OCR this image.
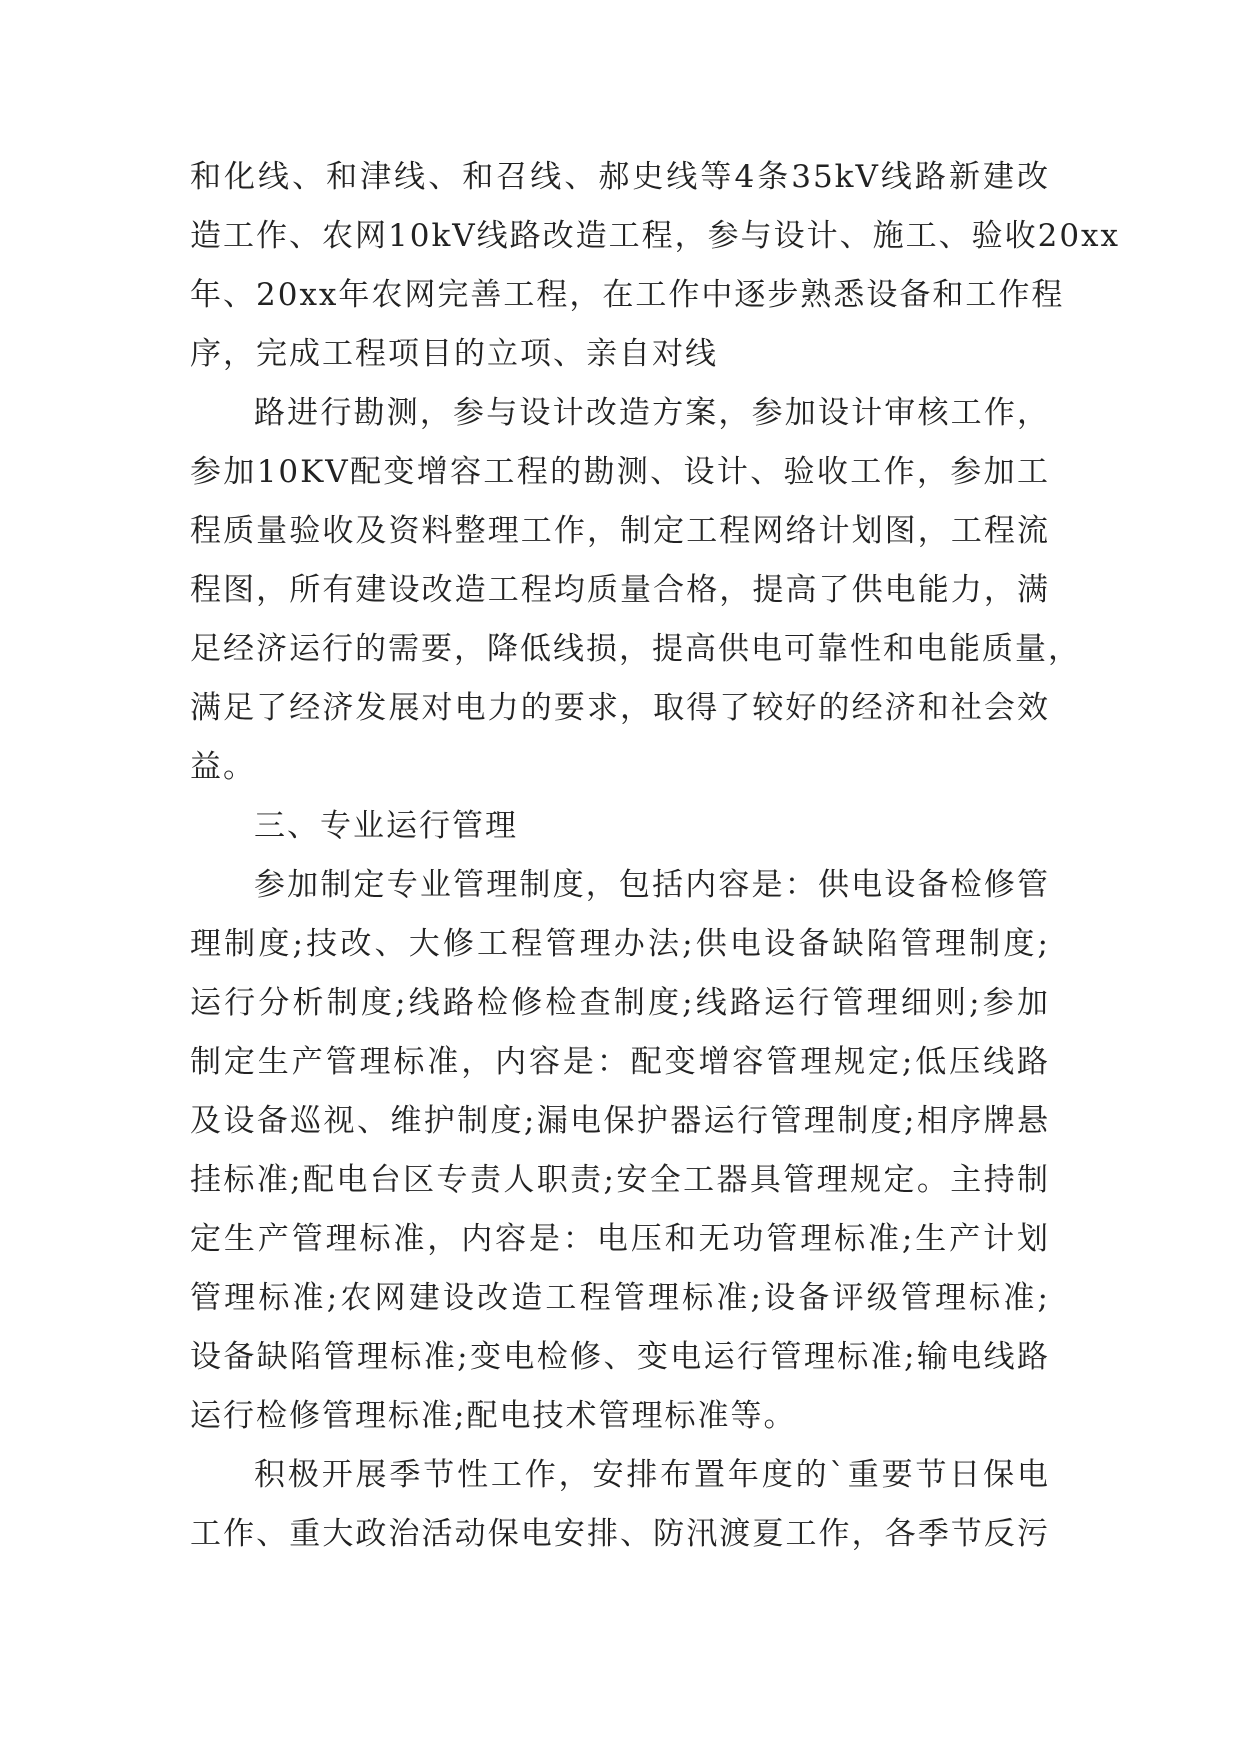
和化线、和津线、和召线、郝史线等4条35kV线路新建改
造工作、农网10kV线路改造工程，参与设计、施工、验收20xx
年、20xx年农网完善工程，在工作中逐步熟悉设备和工作程
序，完成工程项目的立项、亲自对线
路进行勘测，参与设计改造方案，参加设计审核工作，
参加10KV配变增容工程的勘测、设计、验收工作，参加工
程质量验收及资料整理工作，制定工程网络计划图，工程流
程图，所有建设改造工程均质量合格，提高了供电能力，满
足经济运行的需要，降低线损，提高供电可靠性和电能质量，
满足了经济发展对电力的要求，取得了较好的经济和社会效
益。
三、专业运行管理
参加制定专业管理制度，包括内容是：供电设备检修管
理制度;技改、大修工程管理办法;供电设备缺陷管理制度;
运行分析制度;线路检修检查制度;线路运行管理细则;参加
制定生产管理标准，内容是：配变增容管理规定;低压线路
及设备巡视、维护制度;漏电保护器运行管理制度;相序牌悬
挂标准;配电台区专责人职责;安全工器具管理规定。主持制
定生产管理标准，内容是：电压和无功管理标准;生产计划
管理标准;农网建设改造工程管理标准;设备评级管理标准;
设备缺陷管理标准;变电检修、变电运行管理标准;输电线路
运行检修管理标准;配电技术管理标准等。
积极开展季节性工作，安排布置年度的`重要节日保电
工作、重大政治活动保电安排、防汛渡夏工作，各季节反污
